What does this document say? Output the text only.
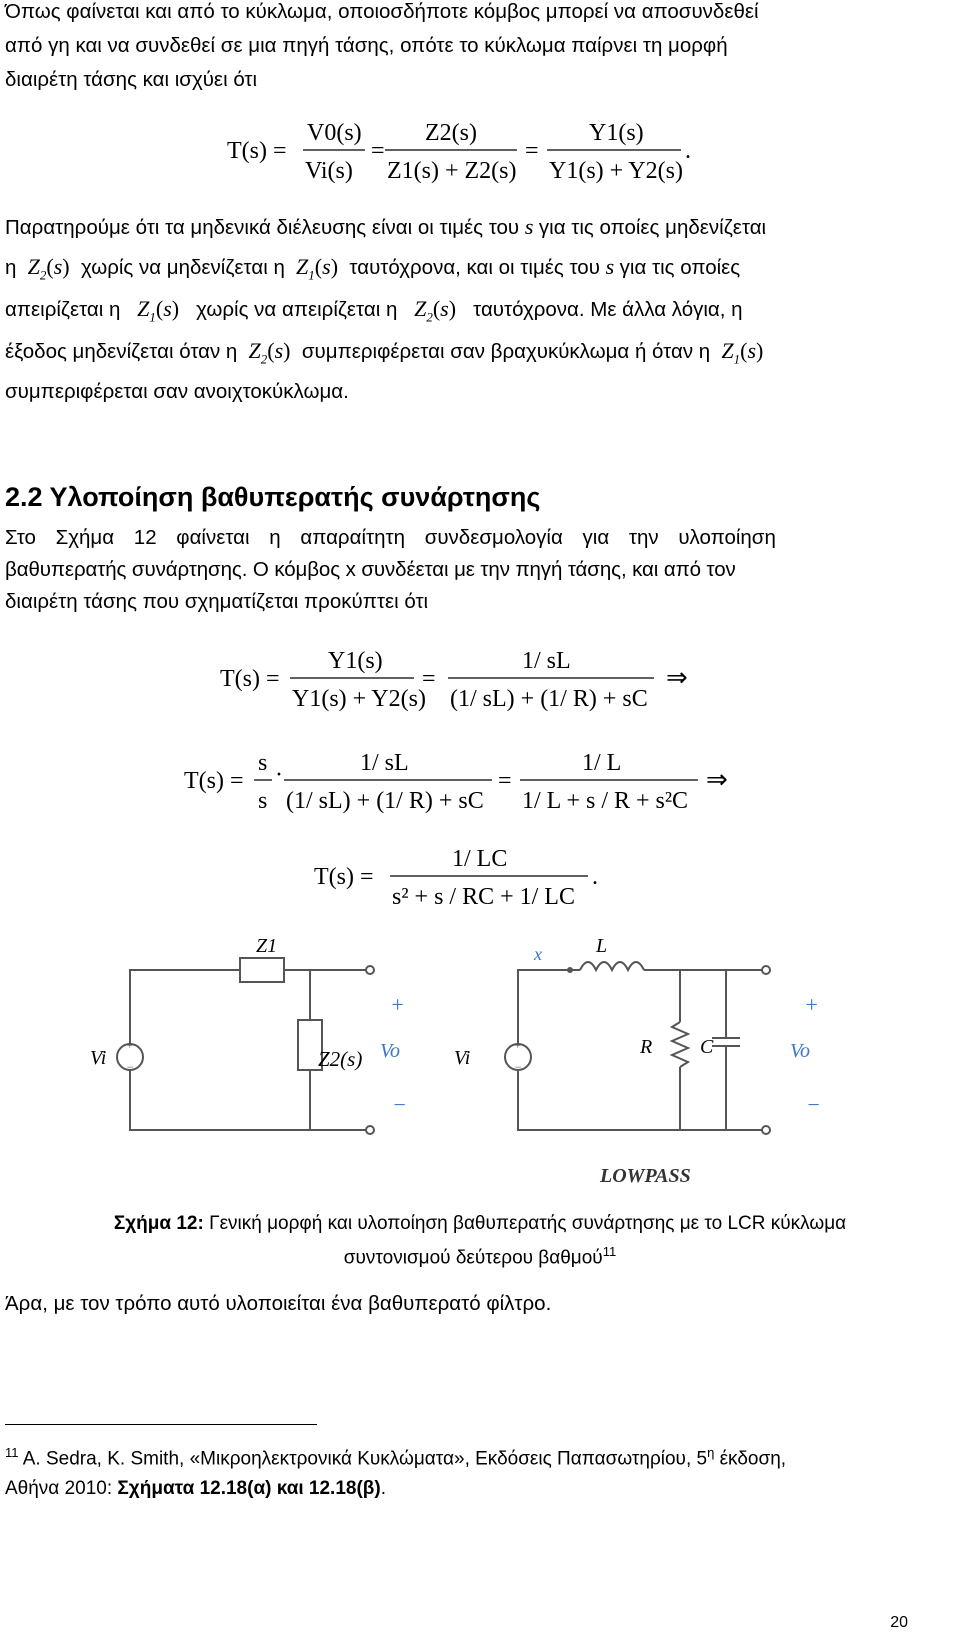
Όπως φαίνεται και από το κύκλωμα, οποιοσδήποτε κόμβος μπορεί να αποσυνδεθεί
από γη και να συνδεθεί σε μια πηγή τάσης, οπότε το κύκλωμα παίρνει τη μορφή
διαιρέτη τάσης και ισχύει ότι
T(s) =
V0(s)
Vi(s)
=
Z2(s)
Z1(s) + Z2(s)
=
Y1(s)
Y1(s) + Y2(s)
.
Παρατηρούμε ότι τα μηδενικά διέλευσης είναι οι τιμές του s για τις οποίες μηδενίζεται
η  $Z_2(s)$ χωρίς να μηδενίζεται η  $Z_1(s)$ ταυτόχρονα, και οι τιμές του s για τις οποίες
απειρίζεται η   $Z_1(s)$ χωρίς να απειρίζεται η   $Z_2(s)$ ταυτόχρονα. Με άλλα λόγια, η
έξοδος μηδενίζεται όταν η  $Z_2(s)$ συμπεριφέρεται σαν βραχυκύκλωμα ή όταν η  $Z_1(s)$
συμπεριφέρεται σαν ανοιχτοκύκλωμα.
2.2 Υλοποίηση βαθυπερατής συνάρτησης
Στο Σχήμα 12 φαίνεται η απαραίτητη συνδεσμολογία για την υλοποίηση
βαθυπερατής συνάρτησης. Ο κόμβος x συνδέεται με την πηγή τάσης, και από τον
διαιρέτη τάσης που σχηματίζεται προκύπτει ότι
T(s) =
Y1(s)
Y1(s) + Y2(s)
=
1/ sL
(1/ sL) + (1/ R) + sC
⇒
T(s) =
s
s
·	1/ sL
(1/ sL) + (1/ R) + sC
=
1/ L
1/ L + s / R + s²C
⇒
T(s) =
1/ LC
s² + s / RC + 1/ LC
.
+
−
Z1
Z2(s)
Vi	Vo
+
−
+
−
x	L
R C
Vi	Vo
+
−
LOWPASS
Σχήμα 12: Γενική μορφή και υλοποίηση βαθυπερατής συνάρτησης με το LCR κύκλωμα
συντονισμού δεύτερου βαθμού$^{11}$
Άρα, με τον τρόπο αυτό υλοποιείται ένα βαθυπερατό φίλτρο.
$^{11}$ A. Sedra, K. Smith, «Μικροηλεκτρονικά Κυκλώματα», Εκδόσεις Παπασωτηρίου, $5^\eta$ έκδοση,
Αθήνα 2010: Σχήματα 12.18(α) και 12.18(β).
20
